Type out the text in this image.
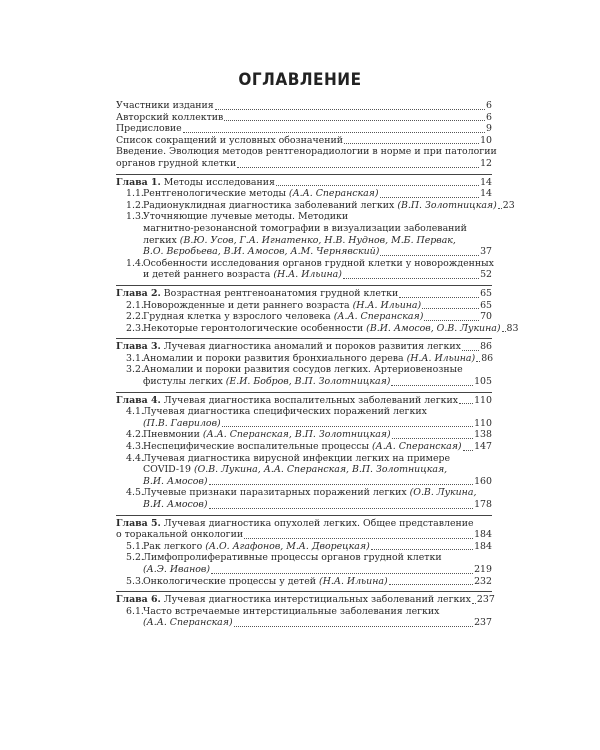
ОГЛАВЛЕНИЕ
Участники издания	6
Авторский коллектив	6
Предисловие	9
Список сокращений и условных обозначений	10
Введение. Эволюция методов рентгенорадиологии в норме и при патологии
органов грудной клетки	12
Глава 1. Методы исследования	14
1.1. Рентгенологические методы (А.А. Сперанская)	14
1.2. Радионуклидная диагностика заболеваний легких (В.П. Золотницкая) 23
1.3. Уточняющие лучевые методы. Методики
магнитно-резонансной томографии в визуализации заболеваний
легких (В.Ю. Усов, Г.А. Игнатенко, Н.В. Нуднов, М.Б. Первак,
В.О. Вєробьева, В.И. Амосов, А.М. Чернявский)	37
1.4. Особенности исследования органов грудной клетки у новорожденных
и детей раннего возраста (Н.А. Ильина)	52
Глава 2. Возрастная рентгеноанатомия грудной клетки	65
2.1. Новорожденные и дети раннего возраста (Н.А. Ильина)	65
2.2. Грудная клетка у взрослого человека (А.А. Сперанская)	70
2.3. Некоторые геронтологические особенности (В.И. Амосов, О.В. Лукина) 83
Глава 3. Лучевая диагностика аномалий и пороков развития легких 86
3.1. Аномалии и пороки развития бронхиального дерева (Н.А. Ильина) 86
3.2. Аномалии и пороки развития сосудов легких. Артериовенозные
фистулы легких (Е.И. Бобров, В.П. Золотницкая)	105
Глава 4. Лучевая диагностика воспалительных заболеваний легких 110
4.1. Лучевая диагностика специфических поражений легких
(П.В. Гаврилов)	110
4.2. Пневмонии (А.А. Сперанская, В.П. Золотницкая)	138
4.3. Неспецифические воспалительные процессы (А.А. Сперанская) 147
4.4. Лучевая диагностика вирусной инфекции легких на примере
COVID-19 (О.В. Лукина, А.А. Сперанская, В.П. Золотницкая,
В.И. Амосов)	160
4.5. Лучевые признаки паразитарных поражений легких (О.В. Лукина,
В.И. Амосов)	178
Глава 5. Лучевая диагностика опухолей легких. Общее представление
о торакальной онкологии	184
5.1. Рак легкого (А.О. Агафонов, М.А. Дворецкая)	184
5.2. Лимфопролиферативные процессы органов грудной клетки
(А.Э. Иванов)	219
5.3. Онкологические процессы у детей (Н.А. Ильина)	232
Глава 6. Лучевая диагностика интерстициальных заболеваний легких 237
6.1. Часто встречаемые интерстициальные заболевания легких
(А.А. Сперанская)	237
